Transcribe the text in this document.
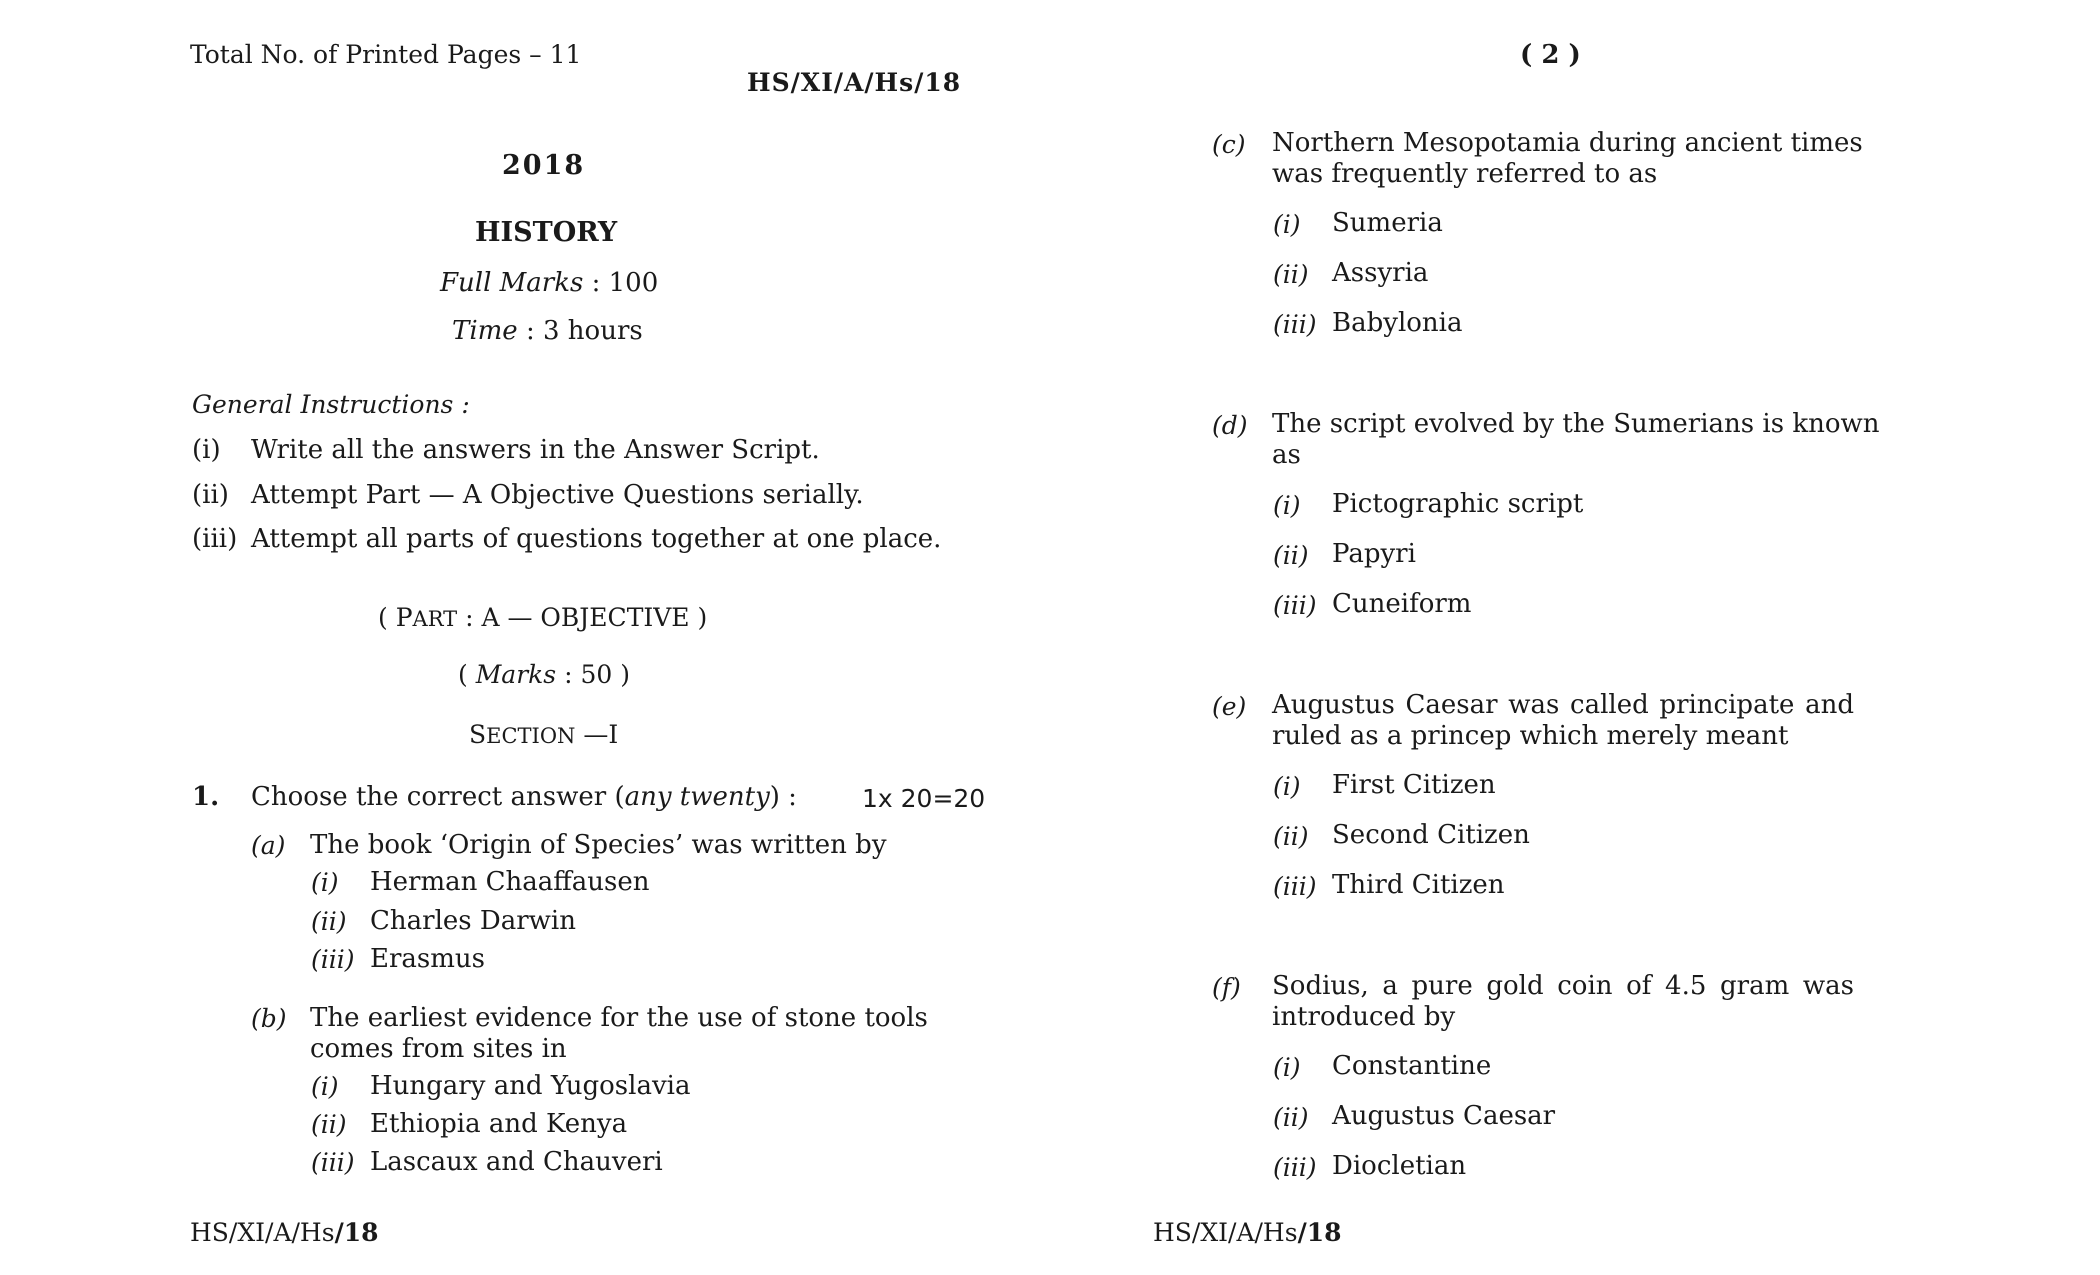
Total No. of Printed Pages – 11
HS/XI/A/Hs/18
2018
HISTORY
Full Marks : 100
Time : 3 hours
General Instructions :
(i) Write all the answers in the Answer Script.
(ii) Attempt Part — A Objective Questions serially.
(iii) Attempt all parts of questions together at one place.
( PART : A — OBJECTIVE )
( Marks : 50 )
SECTION —I
1. Choose the correct answer (any twenty) :	1x 20=20
(a) The book ‘Origin of Species’ was written by
(i) Herman Chaaffausen
(ii) Charles Darwin
(iii) Erasmus
(b) The earliest evidence for the use of stone tools
comes from sites in
(i) Hungary and Yugoslavia
(ii) Ethiopia and Kenya
(iii) Lascaux and Chauveri
HS/XI/A/Hs/18
( 2 )
(c) Northern Mesopotamia during ancient times
was frequently referred to as
(i) Sumeria
(ii) Assyria
(iii) Babylonia
(d) The script evolved by the Sumerians is known
as
(i) Pictographic script
(ii) Papyri
(iii) Cuneiform
(e) Augustus Caesar was called principate and
ruled as a princep which merely meant
(i) First Citizen
(ii) Second Citizen
(iii) Third Citizen
(f) Sodius, a pure gold coin of 4.5 gram was
introduced by
(i) Constantine
(ii) Augustus Caesar
(iii) Diocletian
HS/XI/A/Hs/18
